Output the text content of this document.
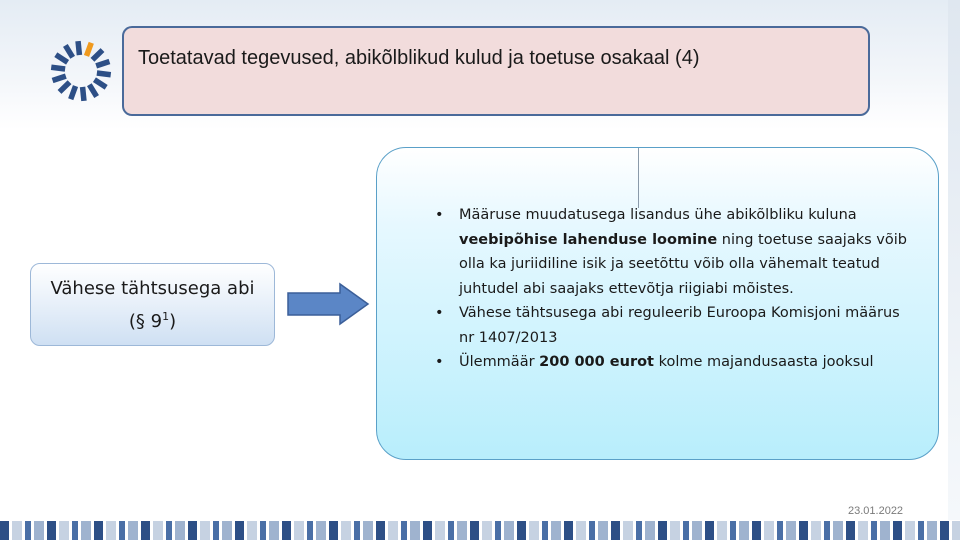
Toetatavad tegevused, abikõlblikud kulud ja toetuse osakaal (4)
Vähese tähtsusega abi
(§ $9^1$)
• Määruse muudatusega lisandus ühe abikõlbliku kuluna veebipõhise lahenduse loomine ning toetuse saajaks võib olla ka juriidiline isik ja seetõttu võib olla vähemalt teatud juhtudel abi saajaks ettevõtja riigiabi mõistes.
• Vähese tähtsusega abi reguleerib Euroopa Komisjoni määrus nr 1407/2013
• Ülemmäär 200 000 eurot kolme majandusaasta jooksul
23.01.2022
